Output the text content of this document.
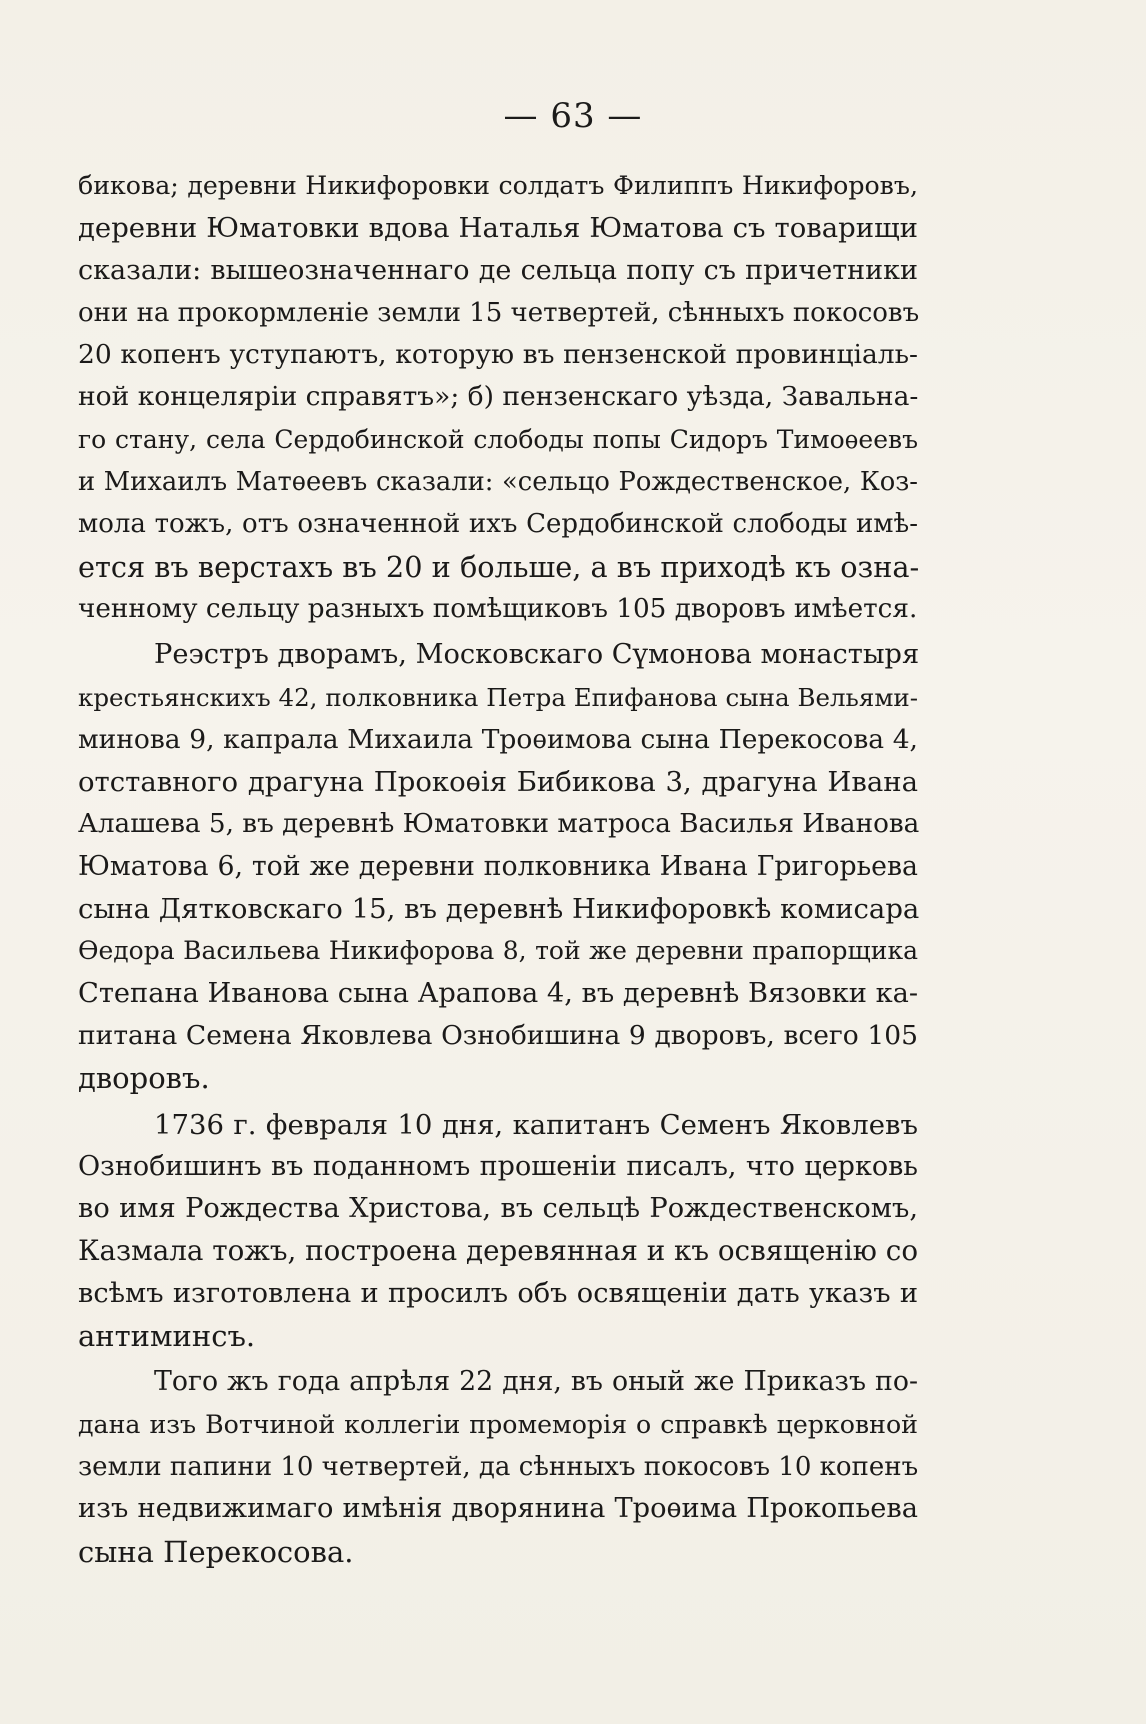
— 63 —
бикова; деревни Никифоровки солдатъ Филиппъ Никифоровъ,
деревни Юматовки вдова Наталья Юматова съ товарищи
сказали: вышеозначеннаго де сельца попу съ причетники
они на прокормленіе земли 15 четвертей, сѣнныхъ покосовъ
20 копенъ уступаютъ, которую въ пензенской провинціаль-
ной концеляріи справятъ»; б) пензенскаго уѣзда, Завальна-
го стану, села Сердобинской слободы попы Сидоръ Тимоѳеевъ
и Михаилъ Матѳеевъ сказали: «сельцо Рождественское, Коз-
мола тожъ, отъ означенной ихъ Сердобинской слободы имѣ-
ется въ верстахъ въ 20 и больше, а въ приходѣ къ озна-
ченному сельцу разныхъ помѣщиковъ 105 дворовъ имѣется.
Реэстръ дворамъ, Московскаго Сүмонова монастыря
крестьянскихъ 42, полковника Петра Епифанова сына Вельями-
минова 9, капрала Михаила Троѳимова сына Перекосова 4,
отставного драгуна Прокоѳія Бибикова 3, драгуна Ивана
Алашева 5, въ деревнѣ Юматовки матроса Василья Иванова
Юматова 6, той же деревни полковника Ивана Григорьева
сына Дятковскаго 15, въ деревнѣ Никифоровкѣ комисара
Ѳедора Васильева Никифорова 8, той же деревни прапорщика
Степана Иванова сына Арапова 4, въ деревнѣ Вязовки ка-
питана Семена Яковлева Ознобишина 9 дворовъ, всего 105
дворовъ.
1736 г. февраля 10 дня, капитанъ Семенъ Яковлевъ
Ознобишинъ въ поданномъ прошеніи писалъ, что церковь
во имя Рождества Христова, въ сельцѣ Рождественскомъ,
Казмала тожъ, построена деревянная и къ освященію со
всѣмъ изготовлена и просилъ объ освященіи дать указъ и
антиминсъ.
Того жъ года апрѣля 22 дня, въ оный же Приказъ по-
дана изъ Вотчиной коллегіи промеморія о справкѣ церковной
земли папини 10 четвертей, да сѣнныхъ покосовъ 10 копенъ
изъ недвижимаго имѣнія дворянина Троѳима Прокопьева
сына Перекосова.
